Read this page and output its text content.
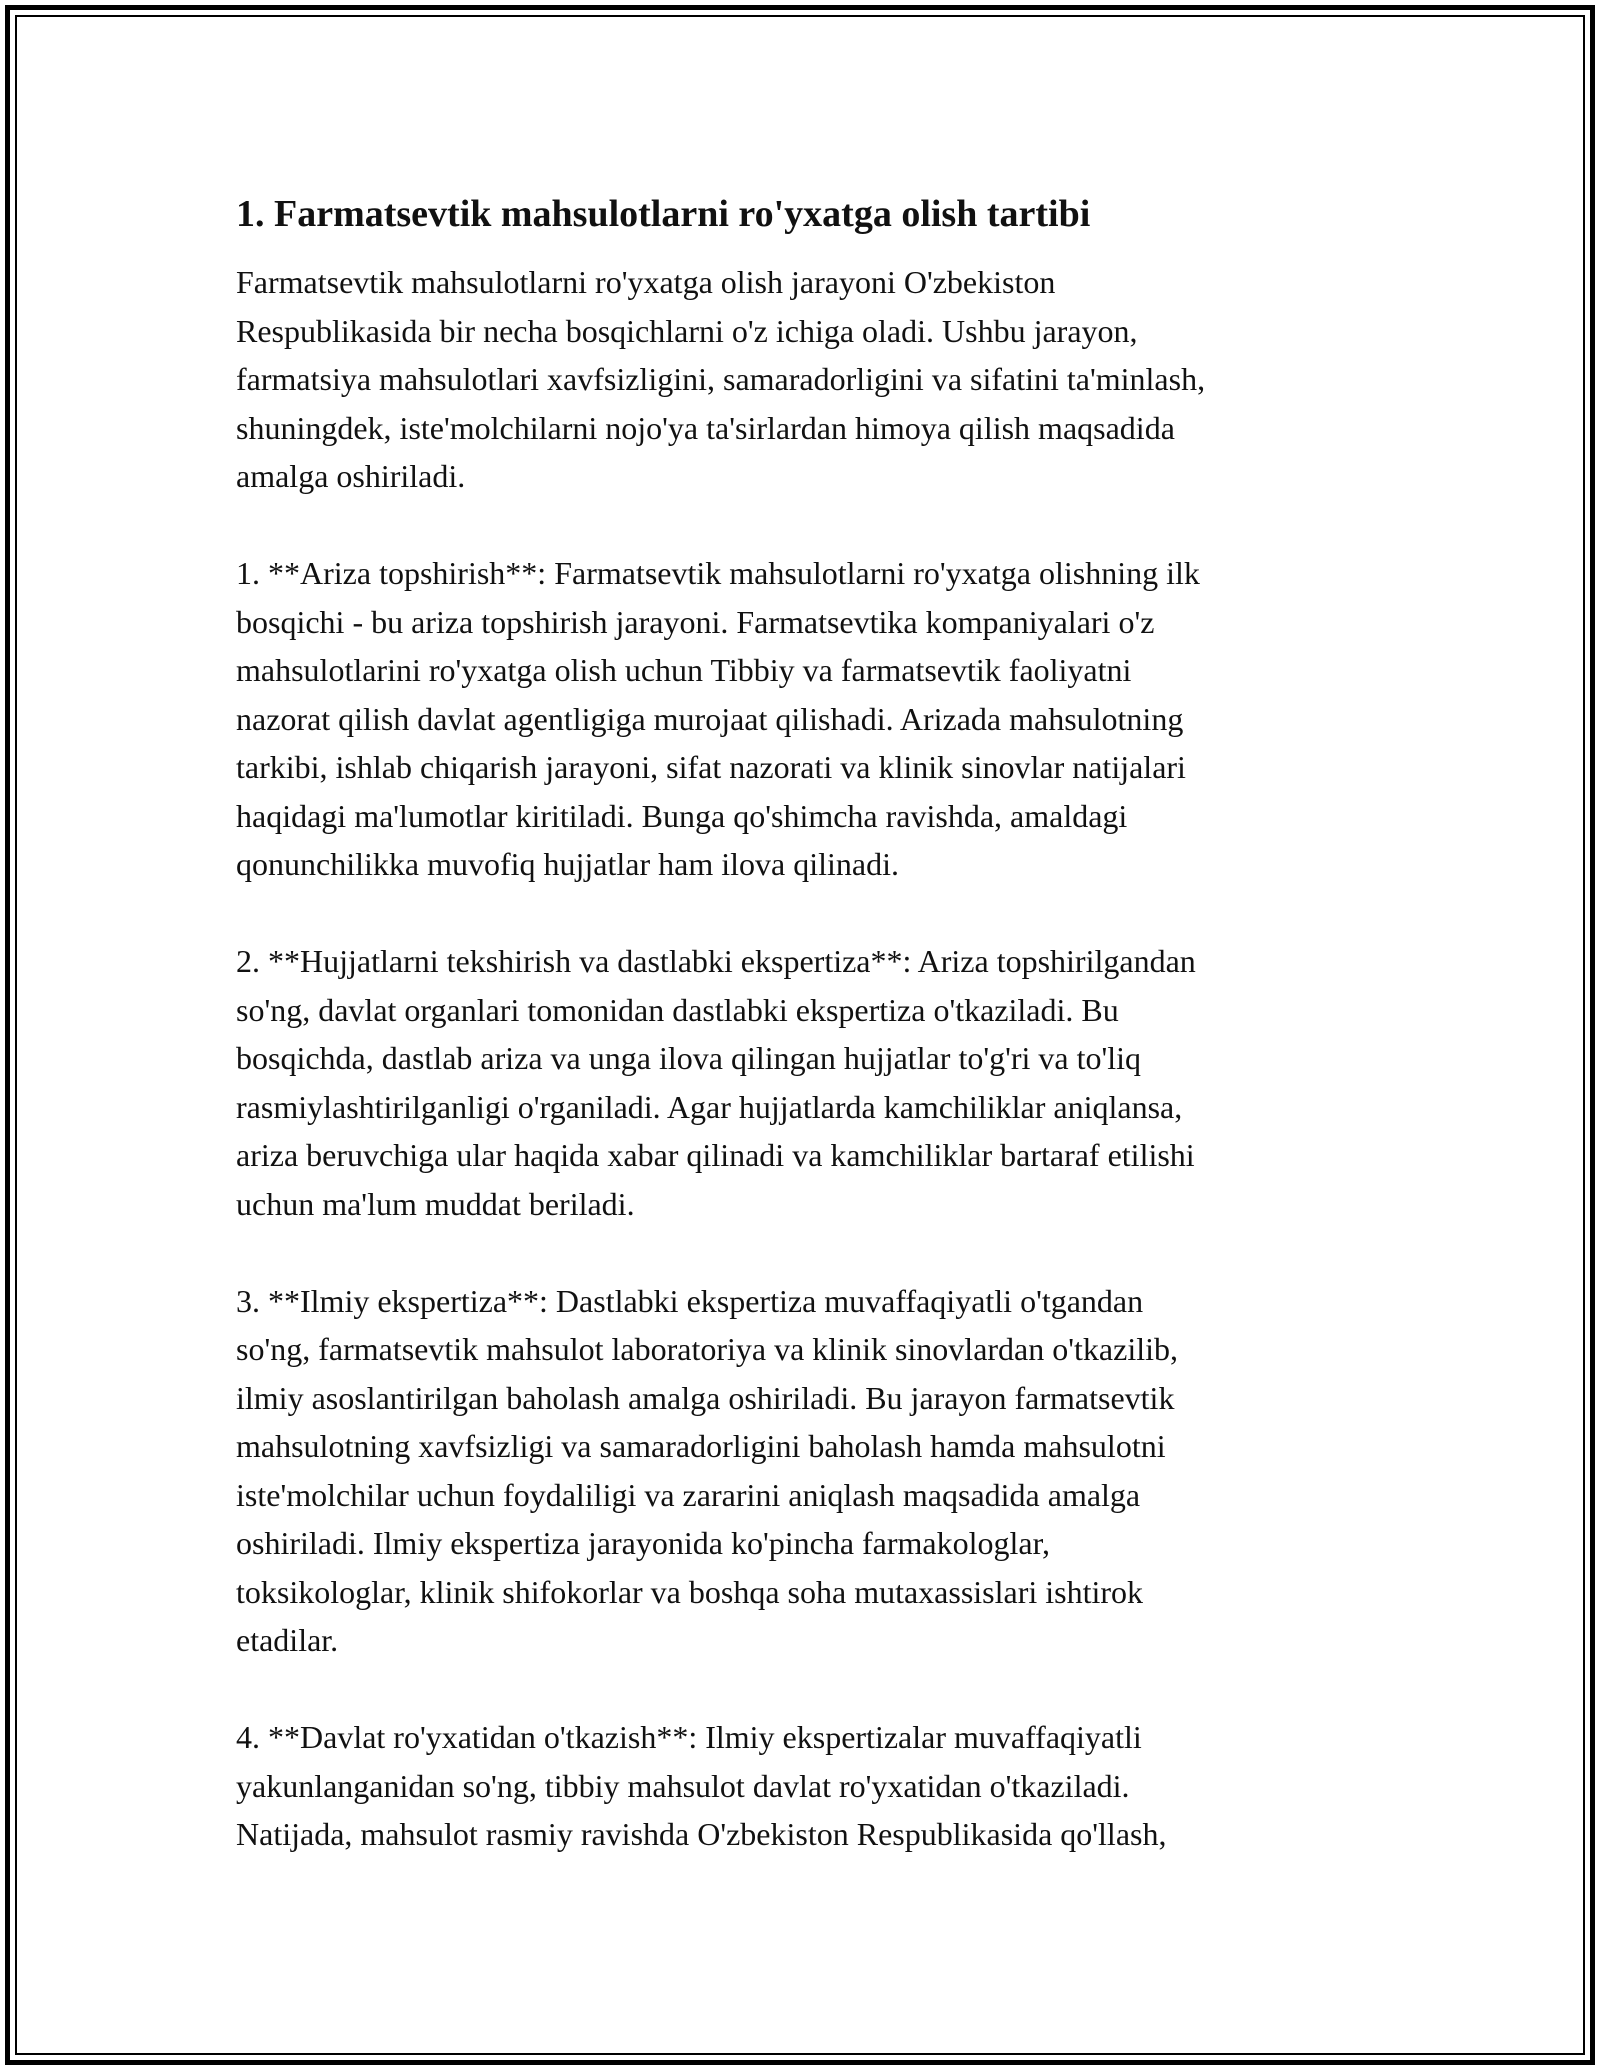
1. Farmatsevtik mahsulotlarni ro'yxatga olish tartibi

Farmatsevtik mahsulotlarni ro'yxatga olish jarayoni O'zbekiston
Respublikasida bir necha bosqichlarni o'z ichiga oladi. Ushbu jarayon,
farmatsiya mahsulotlari xavfsizligini, samaradorligini va sifatini ta'minlash,
shuningdek, iste'molchilarni nojo'ya ta'sirlardan himoya qilish maqsadida
amalga oshiriladi.

1. **Ariza topshirish**: Farmatsevtik mahsulotlarni ro'yxatga olishning ilk
bosqichi - bu ariza topshirish jarayoni. Farmatsevtika kompaniyalari o'z
mahsulotlarini ro'yxatga olish uchun Tibbiy va farmatsevtik faoliyatni
nazorat qilish davlat agentligiga murojaat qilishadi. Arizada mahsulotning
tarkibi, ishlab chiqarish jarayoni, sifat nazorati va klinik sinovlar natijalari
haqidagi ma'lumotlar kiritiladi. Bunga qo'shimcha ravishda, amaldagi
qonunchilikka muvofiq hujjatlar ham ilova qilinadi.

2. **Hujjatlarni tekshirish va dastlabki ekspertiza**: Ariza topshirilgandan
so'ng, davlat organlari tomonidan dastlabki ekspertiza o'tkaziladi. Bu
bosqichda, dastlab ariza va unga ilova qilingan hujjatlar to'g'ri va to'liq
rasmiylashtirilganligi o'rganiladi. Agar hujjatlarda kamchiliklar aniqlansa,
ariza beruvchiga ular haqida xabar qilinadi va kamchiliklar bartaraf etilishi
uchun ma'lum muddat beriladi.

3. **Ilmiy ekspertiza**: Dastlabki ekspertiza muvaffaqiyatli o'tgandan
so'ng, farmatsevtik mahsulot laboratoriya va klinik sinovlardan o'tkazilib,
ilmiy asoslantirilgan baholash amalga oshiriladi. Bu jarayon farmatsevtik
mahsulotning xavfsizligi va samaradorligini baholash hamda mahsulotni
iste'molchilar uchun foydaliligi va zararini aniqlash maqsadida amalga
oshiriladi. Ilmiy ekspertiza jarayonida ko'pincha farmakologlar,
toksikologlar, klinik shifokorlar va boshqa soha mutaxassislari ishtirok
etadilar.

4. **Davlat ro'yxatidan o'tkazish**: Ilmiy ekspertizalar muvaffaqiyatli
yakunlanganidan so'ng, tibbiy mahsulot davlat ro'yxatidan o'tkaziladi.
Natijada, mahsulot rasmiy ravishda O'zbekiston Respublikasida qo'llash,
